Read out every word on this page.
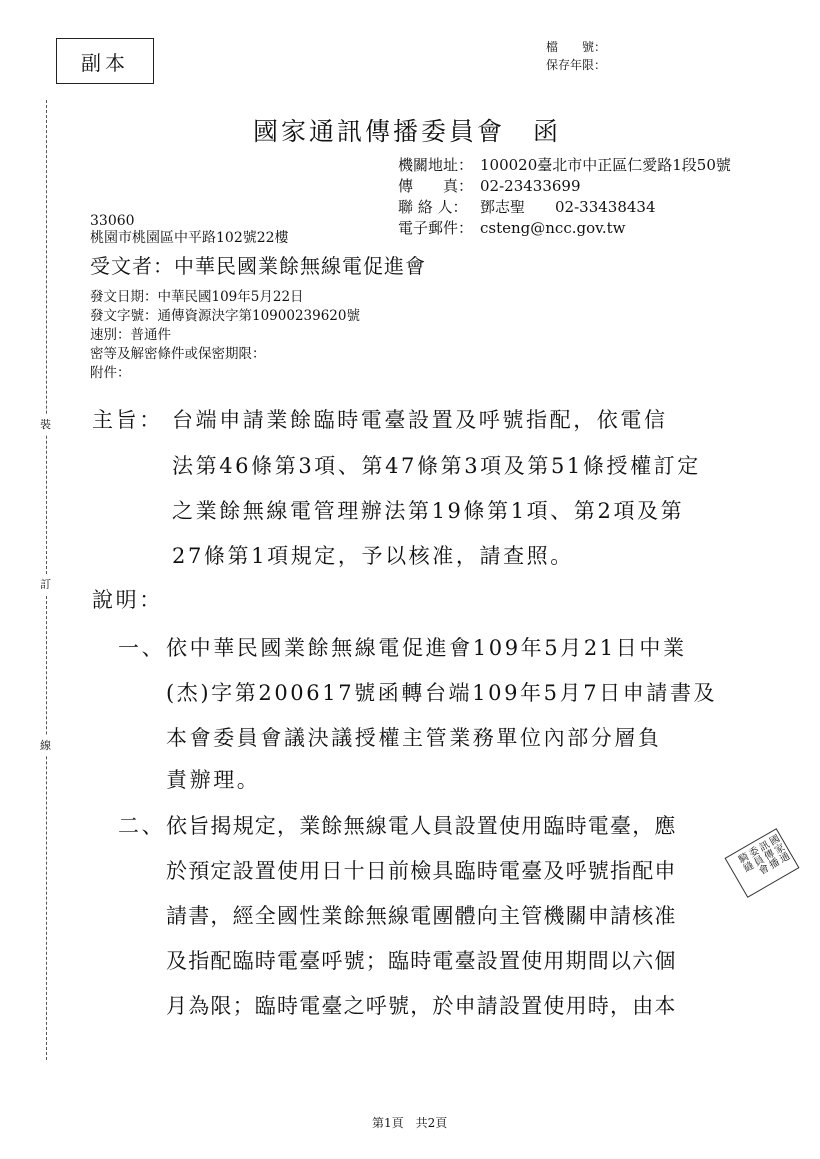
副本
檔　　號：
保存年限：
裝
訂
線
國家通訊傳播委員會　函
機關地址： 100020臺北市中正區仁愛路1段50號
傳　　真： 02-23433699
聯 絡 人： 鄧志聖　　02-33438434
電子郵件： csteng@ncc.gov.tw
33060
桃園市桃園區中平路102號22樓
受文者：中華民國業餘無線電促進會
發文日期：中華民國109年5月22日
發文字號：通傳資源決字第10900239620號
速別：普通件
密等及解密條件或保密期限：
附件：
主旨： 台端申請業餘臨時電臺設置及呼號指配，依電信
法第46條第3項、第47條第3項及第51條授權訂定
之業餘無線電管理辦法第19條第1項、第2項及第
27條第1項規定，予以核准，請查照。
說明：
一、 依中華民國業餘無線電促進會109年5月21日中業
(杰)字第200617號函轉台端109年5月7日申請書及
本會委員會議決議授權主管業務單位內部分層負
責辦理。
二、 依旨揭規定，業餘無線電人員設置使用臨時電臺，應
於預定設置使用日十日前檢具臨時電臺及呼號指配申
請書，經全國性業餘無線電團體向主管機關申請核准
及指配臨時電臺呼號；臨時電臺設置使用期間以六個
月為限；臨時電臺之呼號，於申請設置使用時，由本
國家通訊傳播委員會騎縫
第1頁　共2頁
